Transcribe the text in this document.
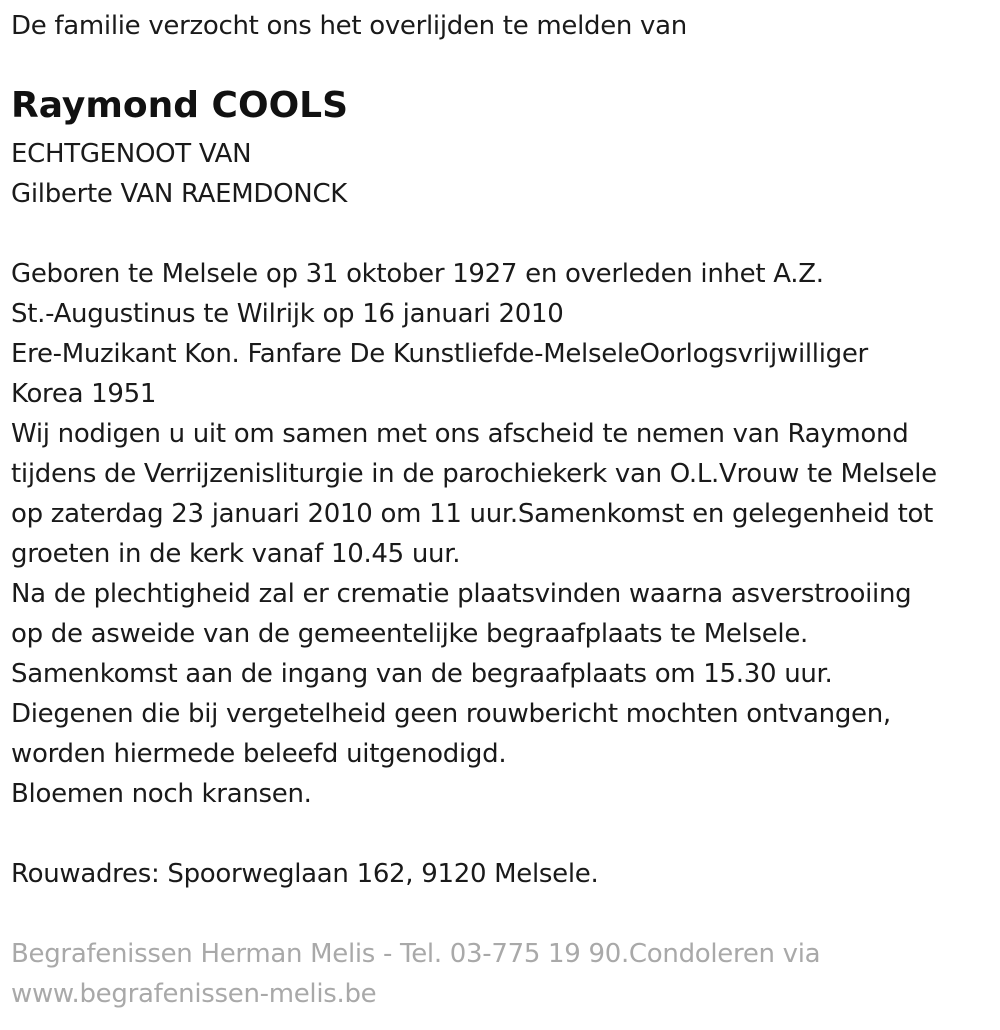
De familie verzocht ons het overlijden te melden van
Raymond COOLS
ECHTGENOOT VAN
Gilberte VAN RAEMDONCK
Geboren te Melsele op 31 oktober 1927 en overleden inhet A.Z.
St.-Augustinus te Wilrijk op 16 januari 2010
Ere-Muzikant Kon. Fanfare De Kunstliefde-MelseleOorlogsvrijwilliger
Korea 1951
Wij nodigen u uit om samen met ons afscheid te nemen van Raymond
tijdens de Verrijzenisliturgie in de parochiekerk van O.L.Vrouw te Melsele
op zaterdag 23 januari 2010 om 11 uur.Samenkomst en gelegenheid tot
groeten in de kerk vanaf 10.45 uur.
Na de plechtigheid zal er crematie plaatsvinden waarna asverstrooiing
op de asweide van de gemeentelijke begraafplaats te Melsele.
Samenkomst aan de ingang van de begraafplaats om 15.30 uur.
Diegenen die bij vergetelheid geen rouwbericht mochten ontvangen,
worden hiermede beleefd uitgenodigd.
Bloemen noch kransen.
Rouwadres: Spoorweglaan 162, 9120 Melsele.
Begrafenissen Herman Melis - Tel. 03-775 19 90.Condoleren via
www.begrafenissen-melis.be
